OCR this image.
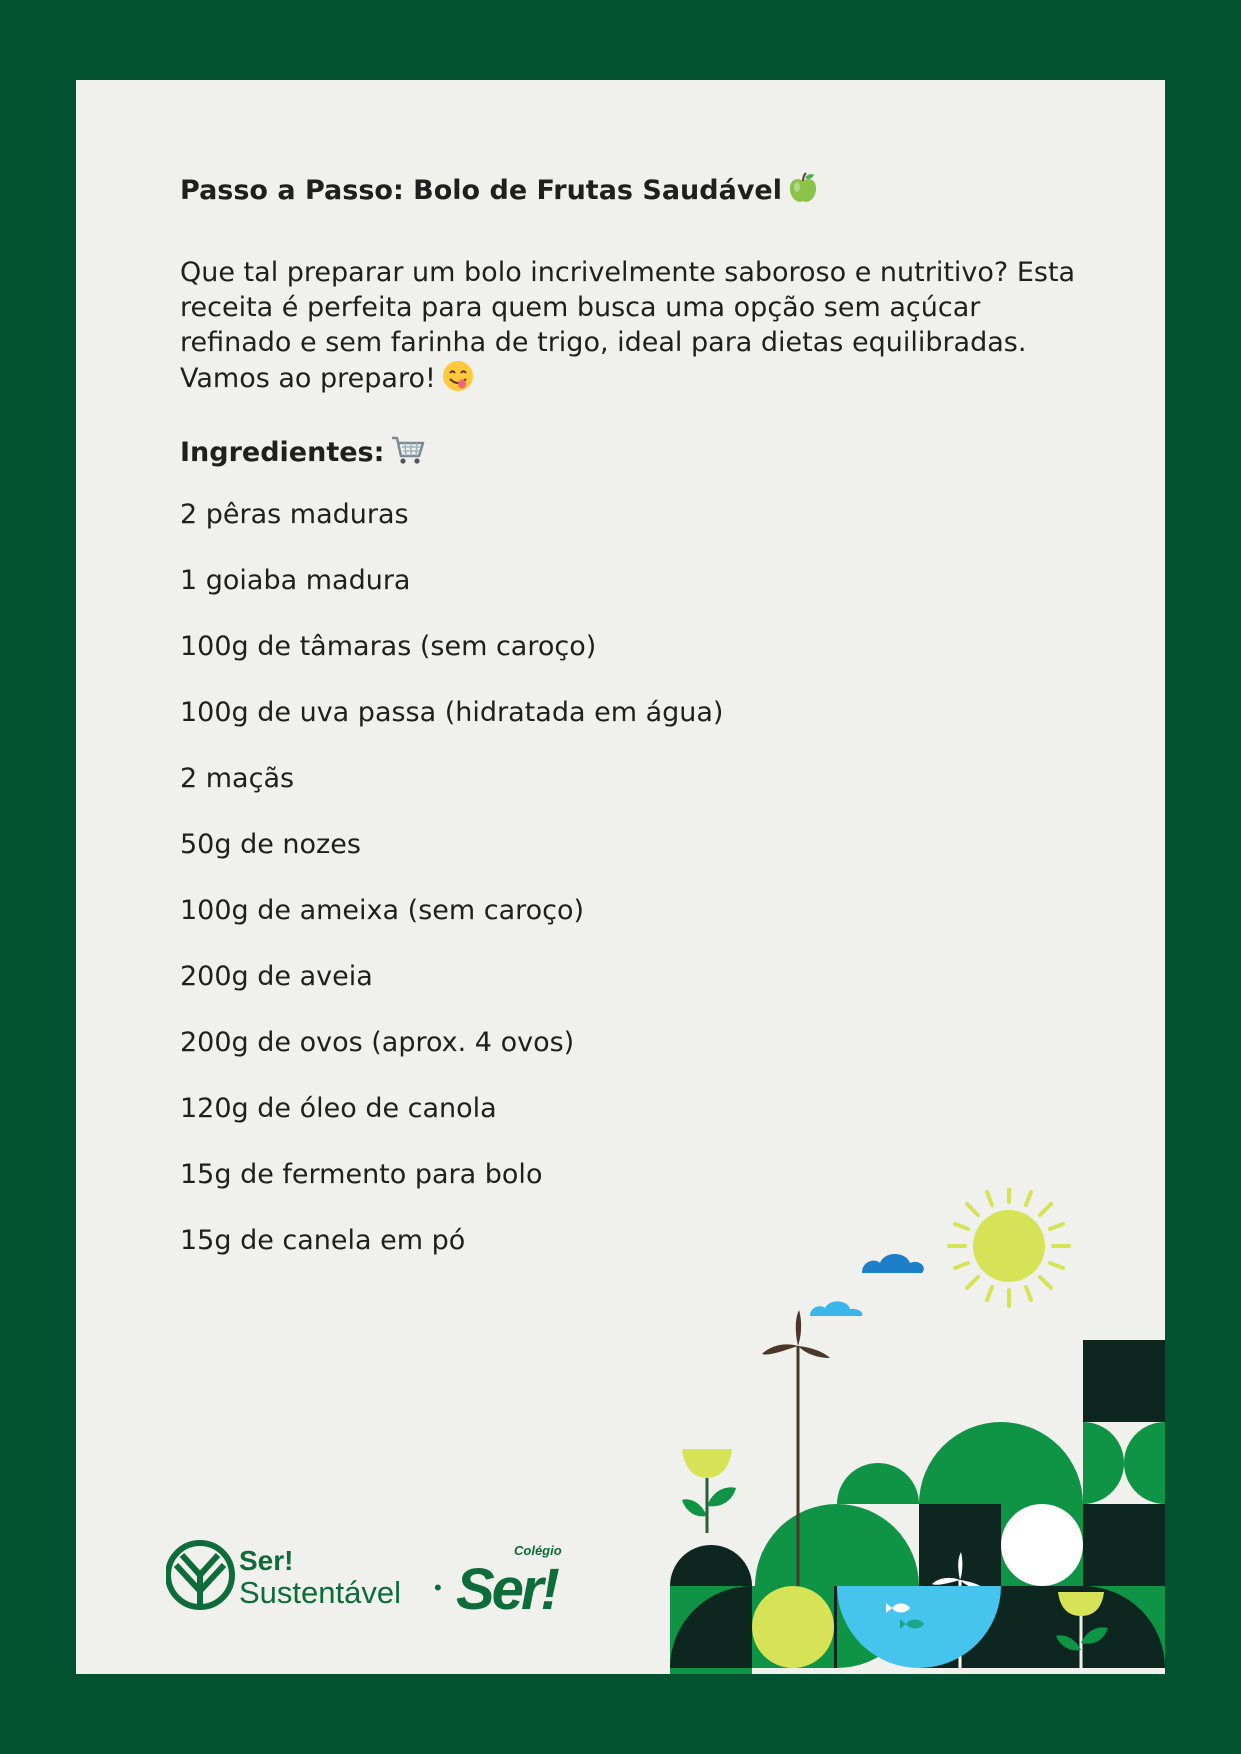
Passo a Passo: Bolo de Frutas Saudável

Que tal preparar um bolo incrivelmente saboroso e nutritivo? Esta receita é perfeita para quem busca uma opção sem açúcar refinado e sem farinha de trigo, ideal para dietas equilibradas. Vamos ao preparo!

Ingredientes:
2 pêras maduras
1 goiaba madura
100g de tâmaras (sem caroço)
100g de uva passa (hidratada em água)
2 maçãs
50g de nozes
100g de ameixa (sem caroço)
200g de aveia
200g de ovos (aprox. 4 ovos)
120g de óleo de canola
15g de fermento para bolo
15g de canela em pó
Ser!
Sustentável •
Colégio
Ser!
